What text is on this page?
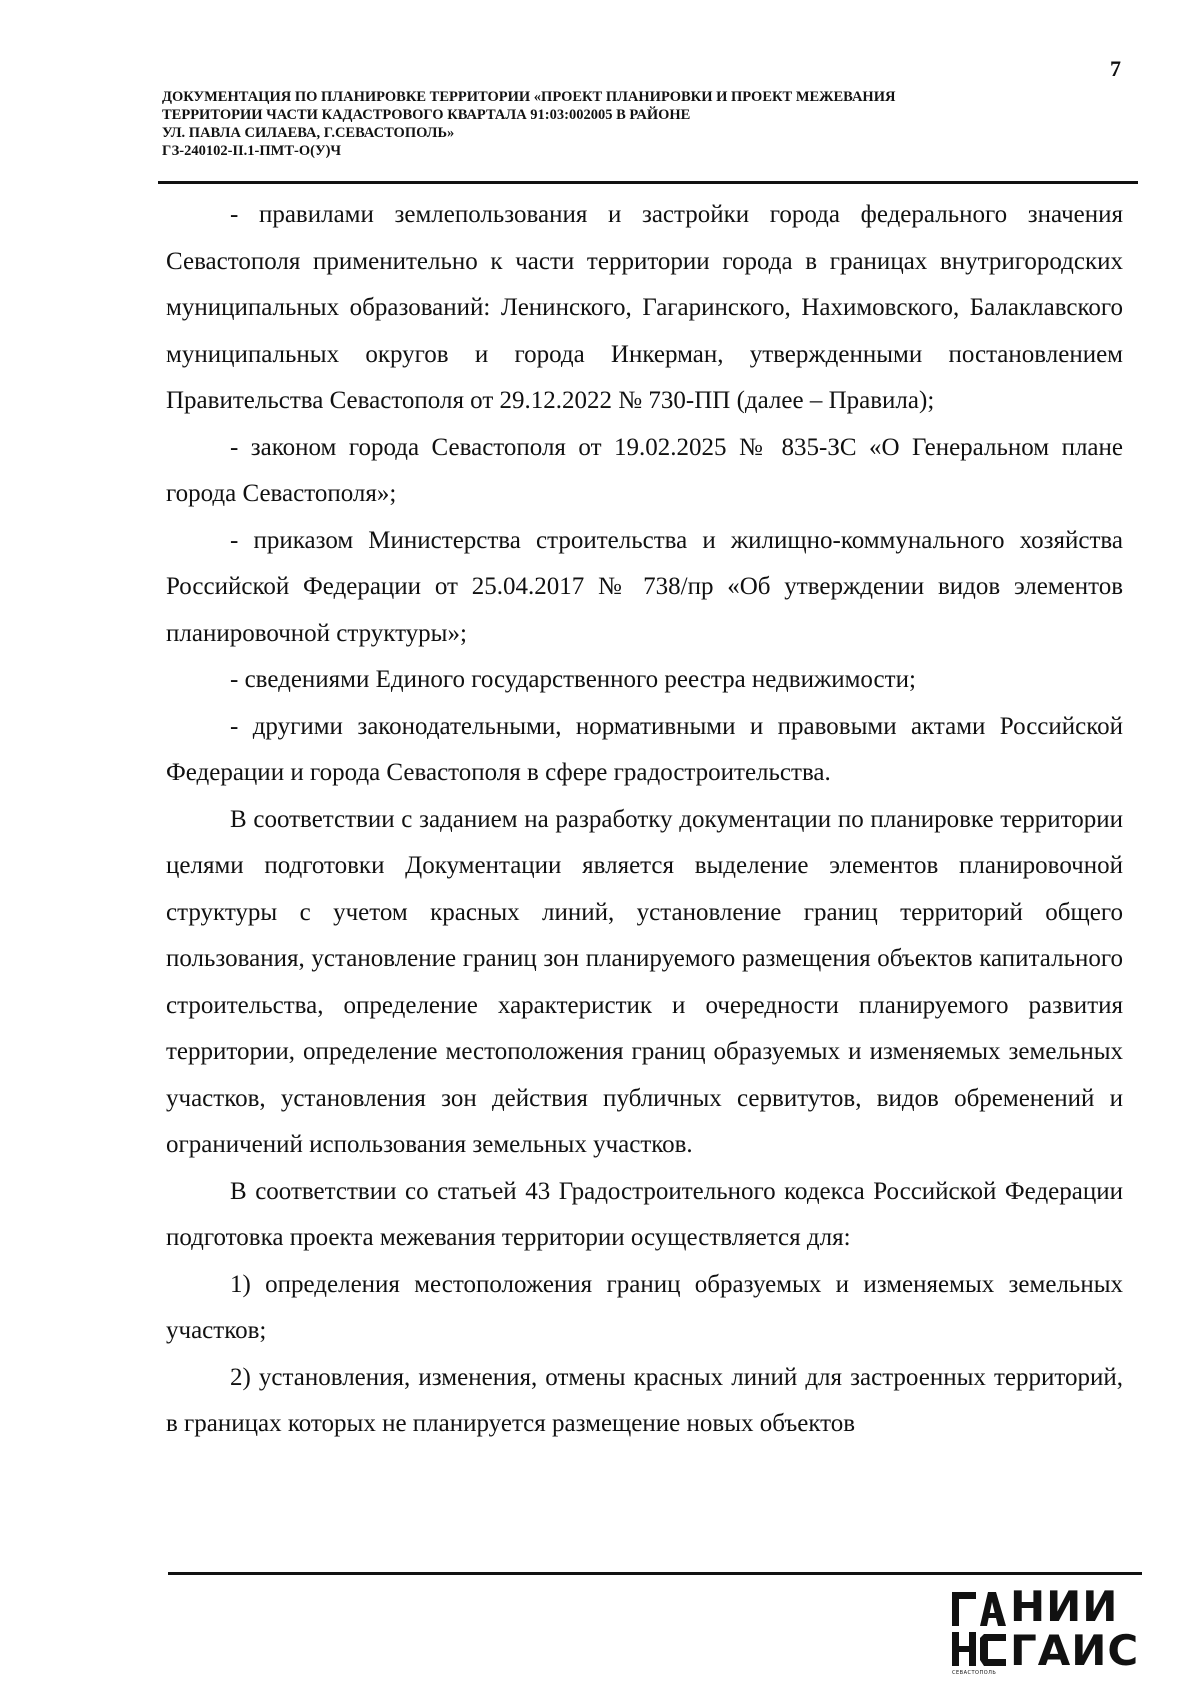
7
ДОКУМЕНТАЦИЯ ПО ПЛАНИРОВКЕ ТЕРРИТОРИИ «ПРОЕКТ ПЛАНИРОВКИ И ПРОЕКТ МЕЖЕВАНИЯ
ТЕРРИТОРИИ ЧАСТИ КАДАСТРОВОГО КВАРТАЛА 91:03:002005 В РАЙОНЕ
УЛ. ПАВЛА СИЛАЕВА, Г.СЕВАСТОПОЛЬ»
ГЗ-240102-II.1-ПМТ-О(У)Ч

- правилами землепользования и застройки города федерального значения Севастополя применительно к части территории города в границах внутригородских муниципальных образований: Ленинского, Гагаринского, Нахимовского, Балаклавского муниципальных округов и города Инкерман, утвержденными постановлением Правительства Севастополя от 29.12.2022 № 730-ПП (далее – Правила);

- законом города Севастополя от 19.02.2025 № 835-ЗС «О Генеральном плане города Севастополя»;

- приказом Министерства строительства и жилищно-коммунального хозяйства Российской Федерации от 25.04.2017 № 738/пр «Об утверждении видов элементов планировочной структуры»;

- сведениями Единого государственного реестра недвижимости;

- другими законодательными, нормативными и правовыми актами Российской Федерации и города Севастополя в сфере градостроительства.

В соответствии с заданием на разработку документации по планировке территории целями подготовки Документации является выделение элементов планировочной структуры с учетом красных линий, установление границ территорий общего пользования, установление границ зон планируемого размещения объектов капитального строительства, определение характеристик и очередности планируемого развития территории, определение местоположения границ образуемых и изменяемых земельных участков, установления зон действия публичных сервитутов, видов обременений и ограничений использования земельных участков.

В соответствии со статьей 43 Градостроительного кодекса Российской Федерации подготовка проекта межевания территории осуществляется для:

1) определения местоположения границ образуемых и изменяемых земельных участков;

2) установления, изменения, отмены красных линий для застроенных территорий, в границах которых не планируется размещение новых объектов

НИИ
ГАИС
СЕВАСТОПОЛЬ
